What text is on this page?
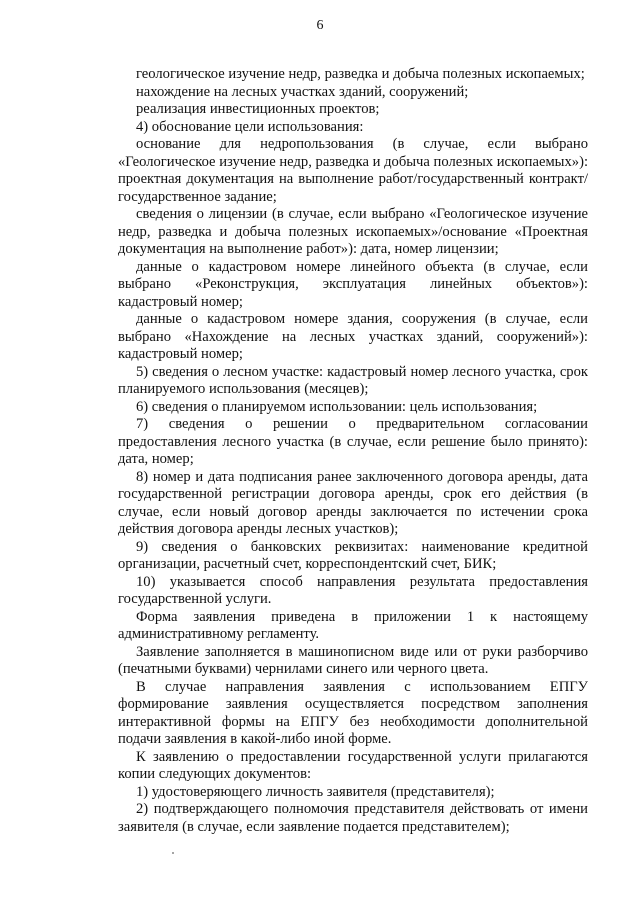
6

геологическое изучение недр, разведка и добыча полезных ископаемых;

нахождение на лесных участках зданий, сооружений;

реализация инвестиционных проектов;

4) обоснование цели использования:

основание для недропользования (в случае, если выбрано «Геологическое изучение недр, разведка и добыча полезных ископаемых»): проектная документация на выполнение работ/государственный контракт/государственное задание;

сведения о лицензии (в случае, если выбрано «Геологическое изучение недр, разведка и добыча полезных ископаемых»/основание «Проектная документация на выполнение работ»): дата, номер лицензии;

данные о кадастровом номере линейного объекта (в случае, если выбрано «Реконструкция, эксплуатация линейных объектов»): кадастровый номер;

данные о кадастровом номере здания, сооружения (в случае, если выбрано «Нахождение на лесных участках зданий, сооружений»): кадастровый номер;

5) сведения о лесном участке: кадастровый номер лесного участка, срок планируемого использования (месяцев);

6) сведения о планируемом использовании: цель использования;

7) сведения о решении о предварительном согласовании предоставления лесного участка (в случае, если решение было принято): дата, номер;

8) номер и дата подписания ранее заключенного договора аренды, дата государственной регистрации договора аренды, срок его действия (в случае, если новый договор аренды заключается по истечении срока действия договора аренды лесных участков);

9) сведения о банковских реквизитах: наименование кредитной организации, расчетный счет, корреспондентский счет, БИК;

10) указывается способ направления результата предоставления государственной услуги.

Форма заявления приведена в приложении 1 к настоящему административному регламенту.

Заявление заполняется в машинописном виде или от руки разборчиво (печатными буквами) чернилами синего или черного цвета.

В случае направления заявления с использованием ЕПГУ формирование заявления осуществляется посредством заполнения интерактивной формы на ЕПГУ без необходимости дополнительной подачи заявления в какой-либо иной форме.

К заявлению о предоставлении государственной услуги прилагаются копии следующих документов:

1) удостоверяющего личность заявителя (представителя);

2) подтверждающего полномочия представителя действовать от имени заявителя (в случае, если заявление подается представителем);
